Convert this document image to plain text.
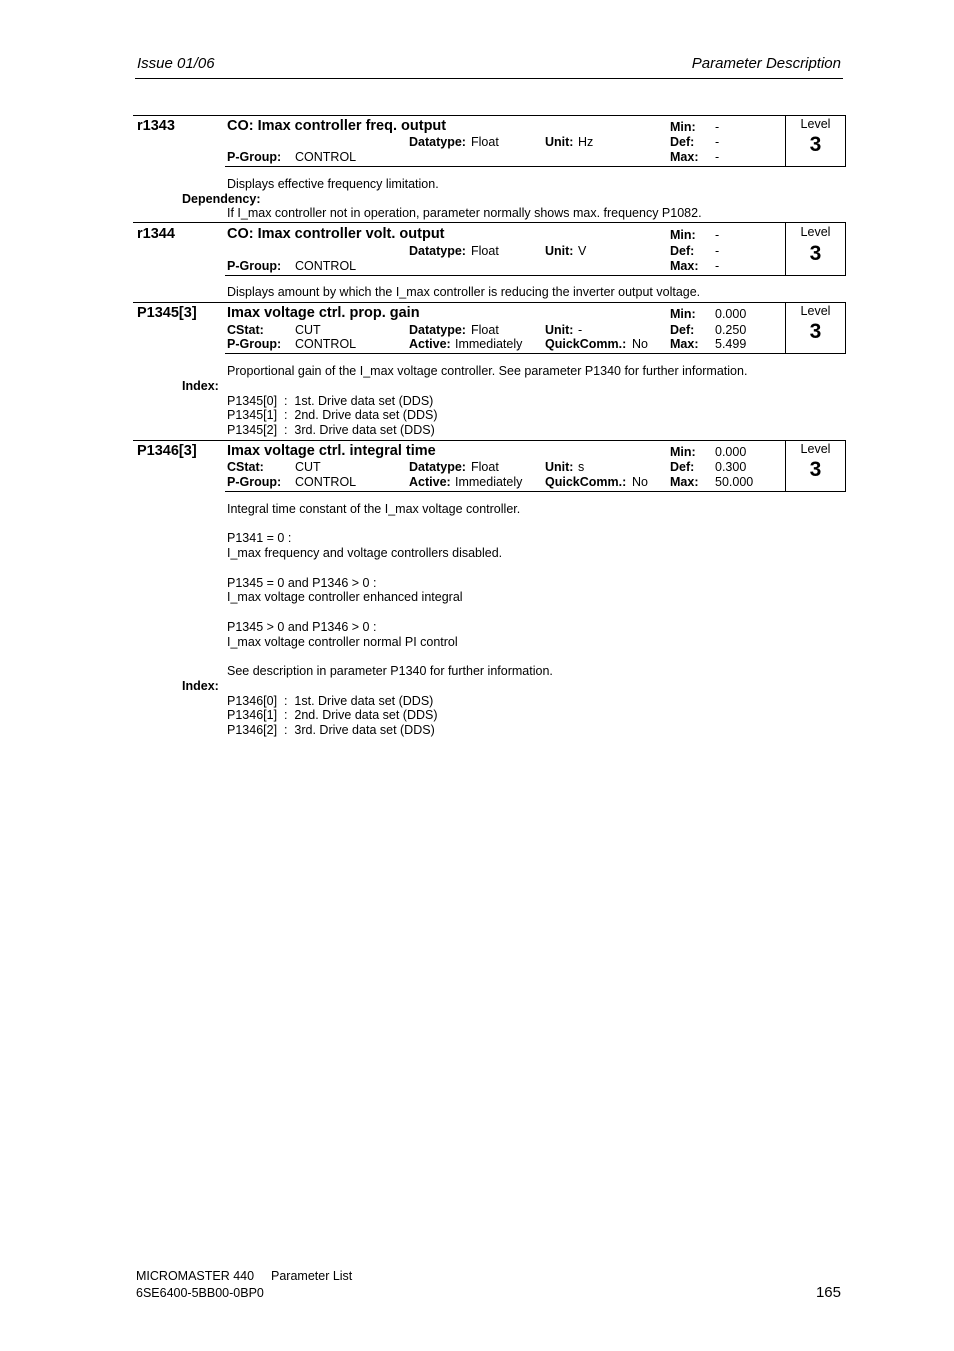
Issue 01/06	Parameter Description
r1343	CO: Imax controller freq. output	Min: -
Datatype: Float	Unit: Hz	Def: -
P-Group: CONTROL	Max: -
Level
3
Displays effective frequency limitation.
Dependency:
If I_max controller not in operation, parameter normally shows max. frequency P1082.
r1344	CO: Imax controller volt. output	Min: -
Datatype: Float	Unit: V	Def: -
P-Group: CONTROL	Max: -
Level
3
Displays amount by which the I_max controller is reducing the inverter output voltage.
P1345[3] Imax voltage ctrl. prop. gain	Min: 0.000
CStat: CUT	Datatype: Float	Unit: -	Def: 0.250
P-Group: CONTROL	Active: Immediately QuickComm.: No Max: 5.499
Level
3
Proportional gain of the I_max voltage controller. See parameter P1340 for further information.
Index:
P1345[0]  :  1st. Drive data set (DDS)
P1345[1]  :  2nd. Drive data set (DDS)
P1345[2]  :  3rd. Drive data set (DDS)
P1346[3] Imax voltage ctrl. integral time	Min: 0.000
CStat: CUT	Datatype: Float	Unit: s	Def: 0.300
P-Group: CONTROL	Active: Immediately QuickComm.: No Max: 50.000
Level
3
Integral time constant of the I_max voltage controller.
P1341 = 0 :
I_max frequency and voltage controllers disabled.
P1345 = 0 and P1346 > 0 :
I_max voltage controller enhanced integral
P1345 > 0 and P1346 > 0 :
I_max voltage controller normal PI control
See description in parameter P1340 for further information.
Index:
P1346[0]  :  1st. Drive data set (DDS)
P1346[1]  :  2nd. Drive data set (DDS)
P1346[2]  :  3rd. Drive data set (DDS)
MICROMASTER 440 Parameter List
6SE6400-5BB00-0BP0	165
